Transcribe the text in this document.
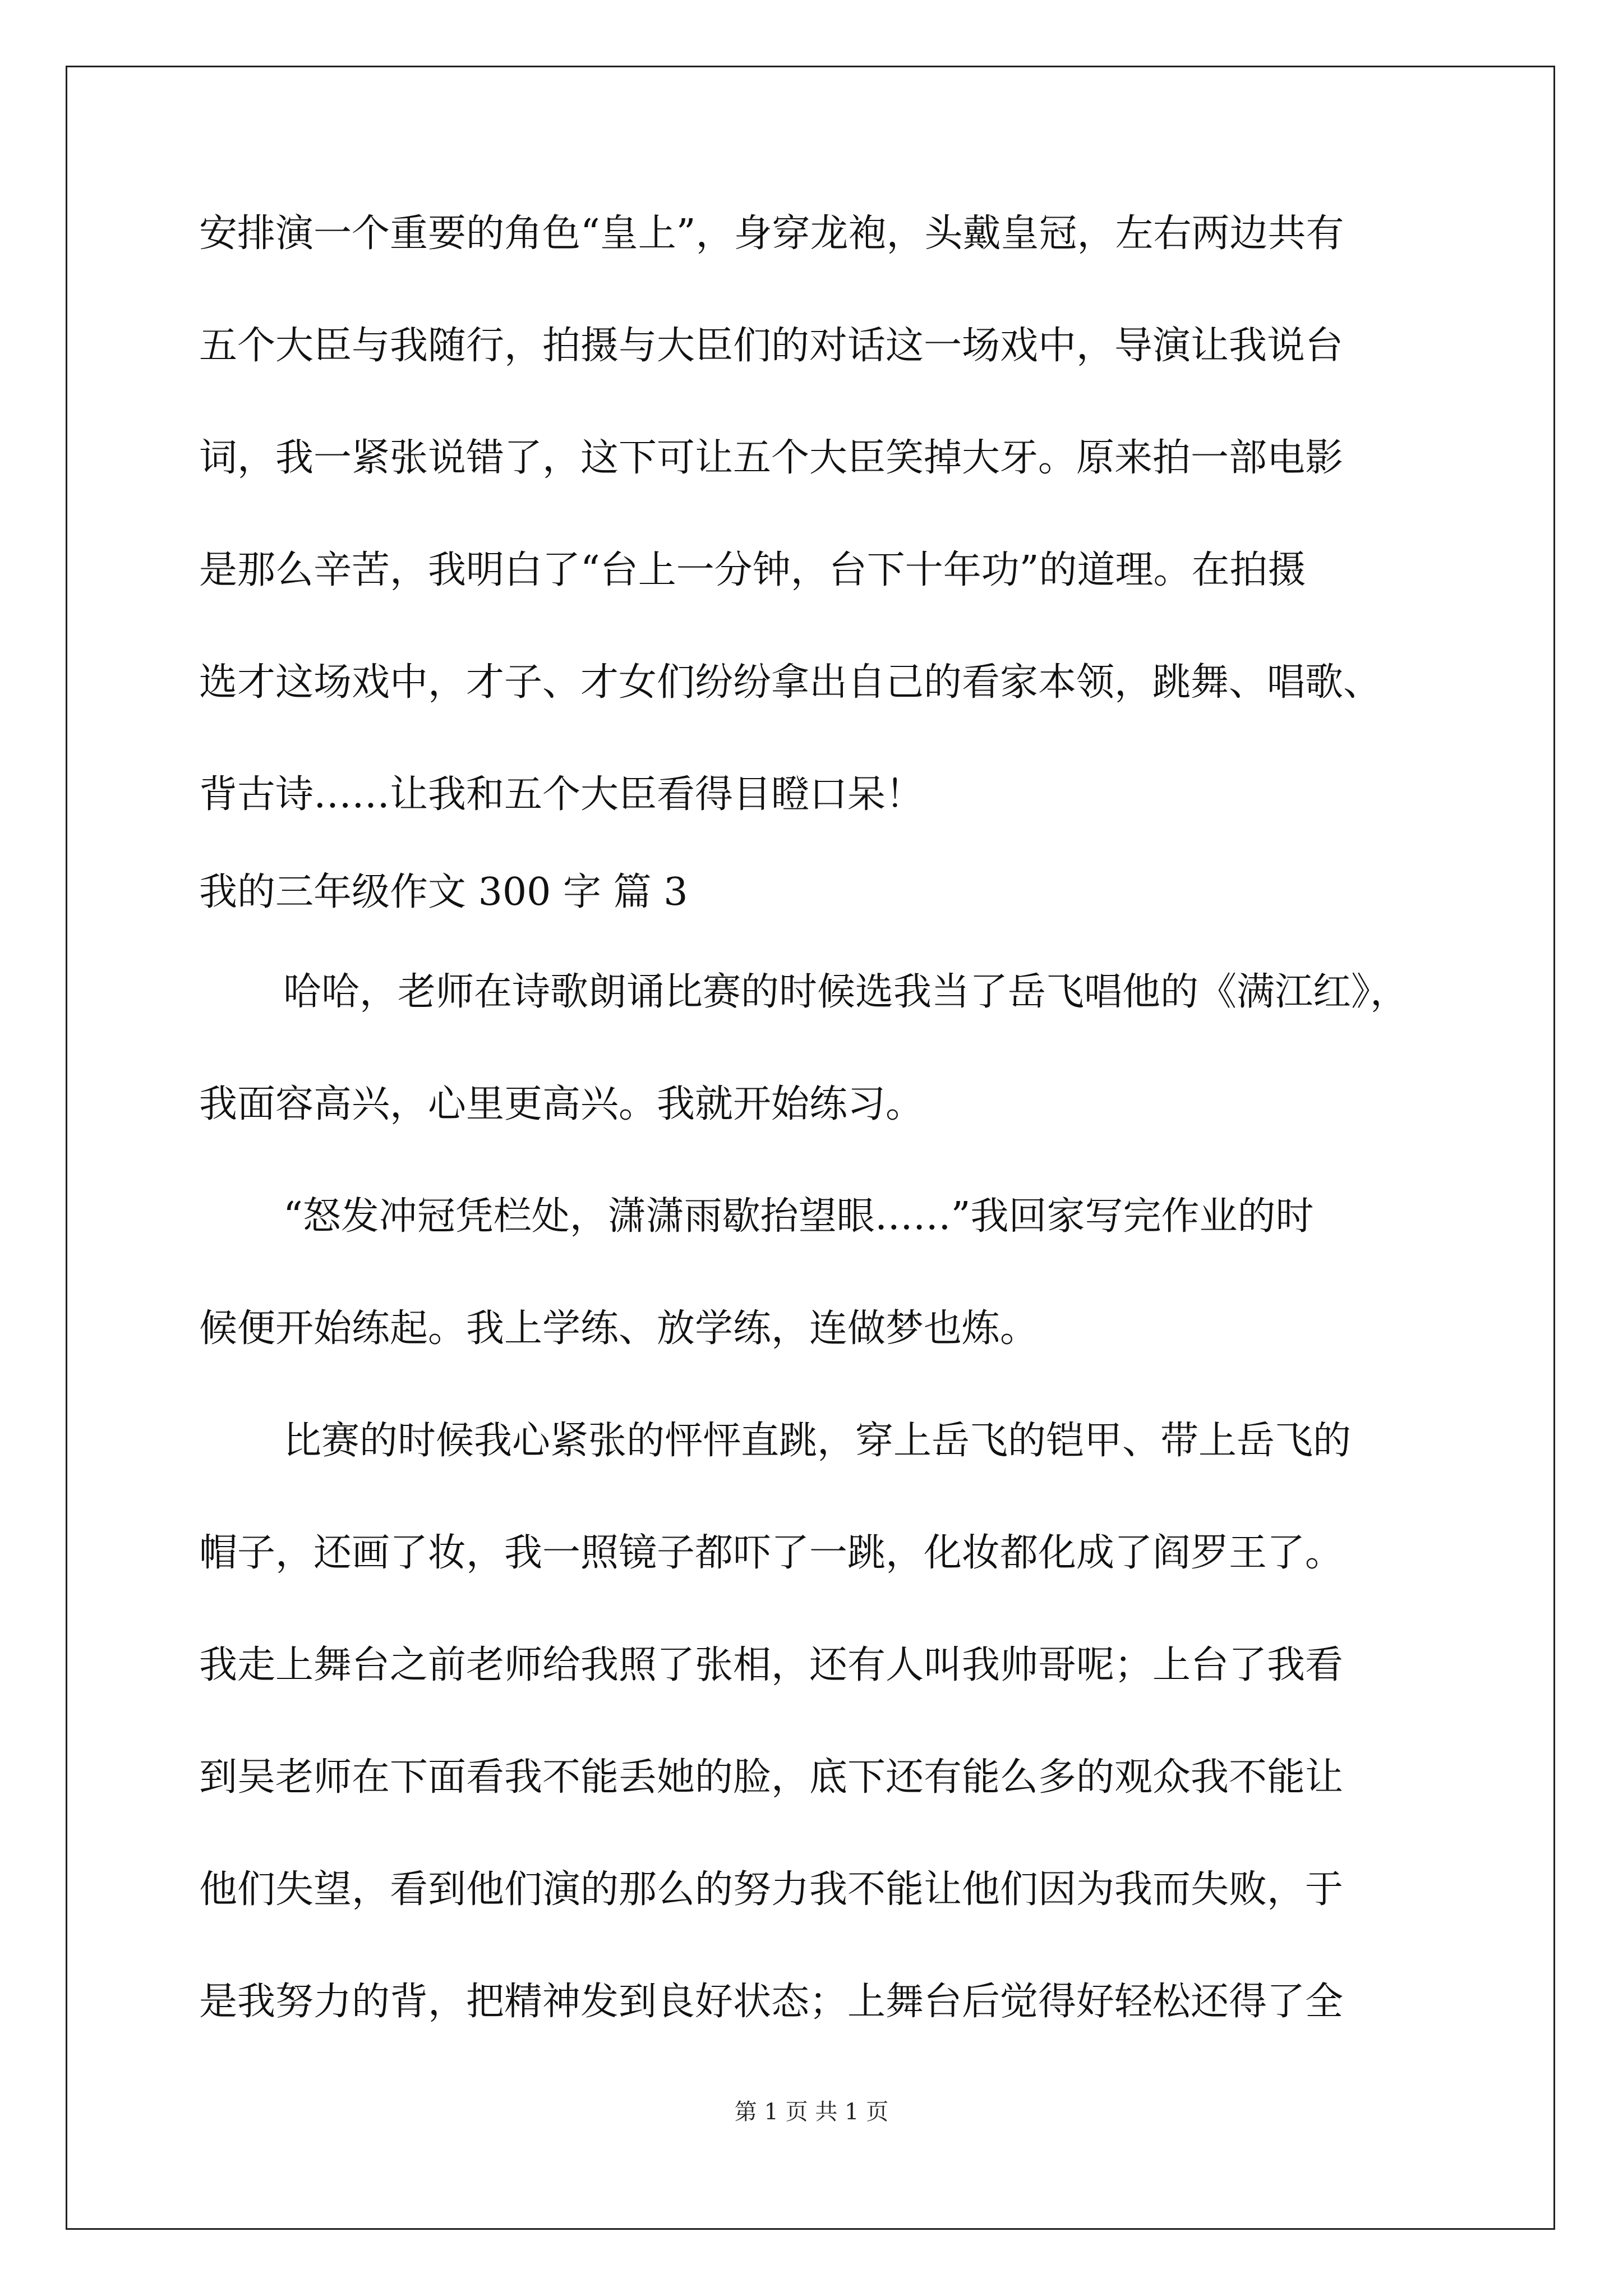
安排演一个重要的角色“皇上”，身穿龙袍，头戴皇冠，左右两边共有

五个大臣与我随行，拍摄与大臣们的对话这一场戏中，导演让我说台

词，我一紧张说错了，这下可让五个大臣笑掉大牙。原来拍一部电影

是那么辛苦，我明白了“台上一分钟，台下十年功”的道理。在拍摄

选才这场戏中，才子、才女们纷纷拿出自己的看家本领，跳舞、唱歌、

背古诗……让我和五个大臣看得目瞪口呆！

我的三年级作文 300 字 篇 3

哈哈，老师在诗歌朗诵比赛的时候选我当了岳飞唱他的《满江红》，

我面容高兴，心里更高兴。我就开始练习。

“怒发冲冠凭栏处，潇潇雨歇抬望眼……”我回家写完作业的时

候便开始练起。我上学练、放学练，连做梦也炼。

比赛的时候我心紧张的怦怦直跳，穿上岳飞的铠甲、带上岳飞的

帽子，还画了妆，我一照镜子都吓了一跳，化妆都化成了阎罗王了。

我走上舞台之前老师给我照了张相，还有人叫我帅哥呢；上台了我看

到吴老师在下面看我不能丢她的脸，底下还有能么多的观众我不能让

他们失望，看到他们演的那么的努力我不能让他们因为我而失败，于

是我努力的背，把精神发到良好状态；上舞台后觉得好轻松还得了全

第 1 页 共 1 页
